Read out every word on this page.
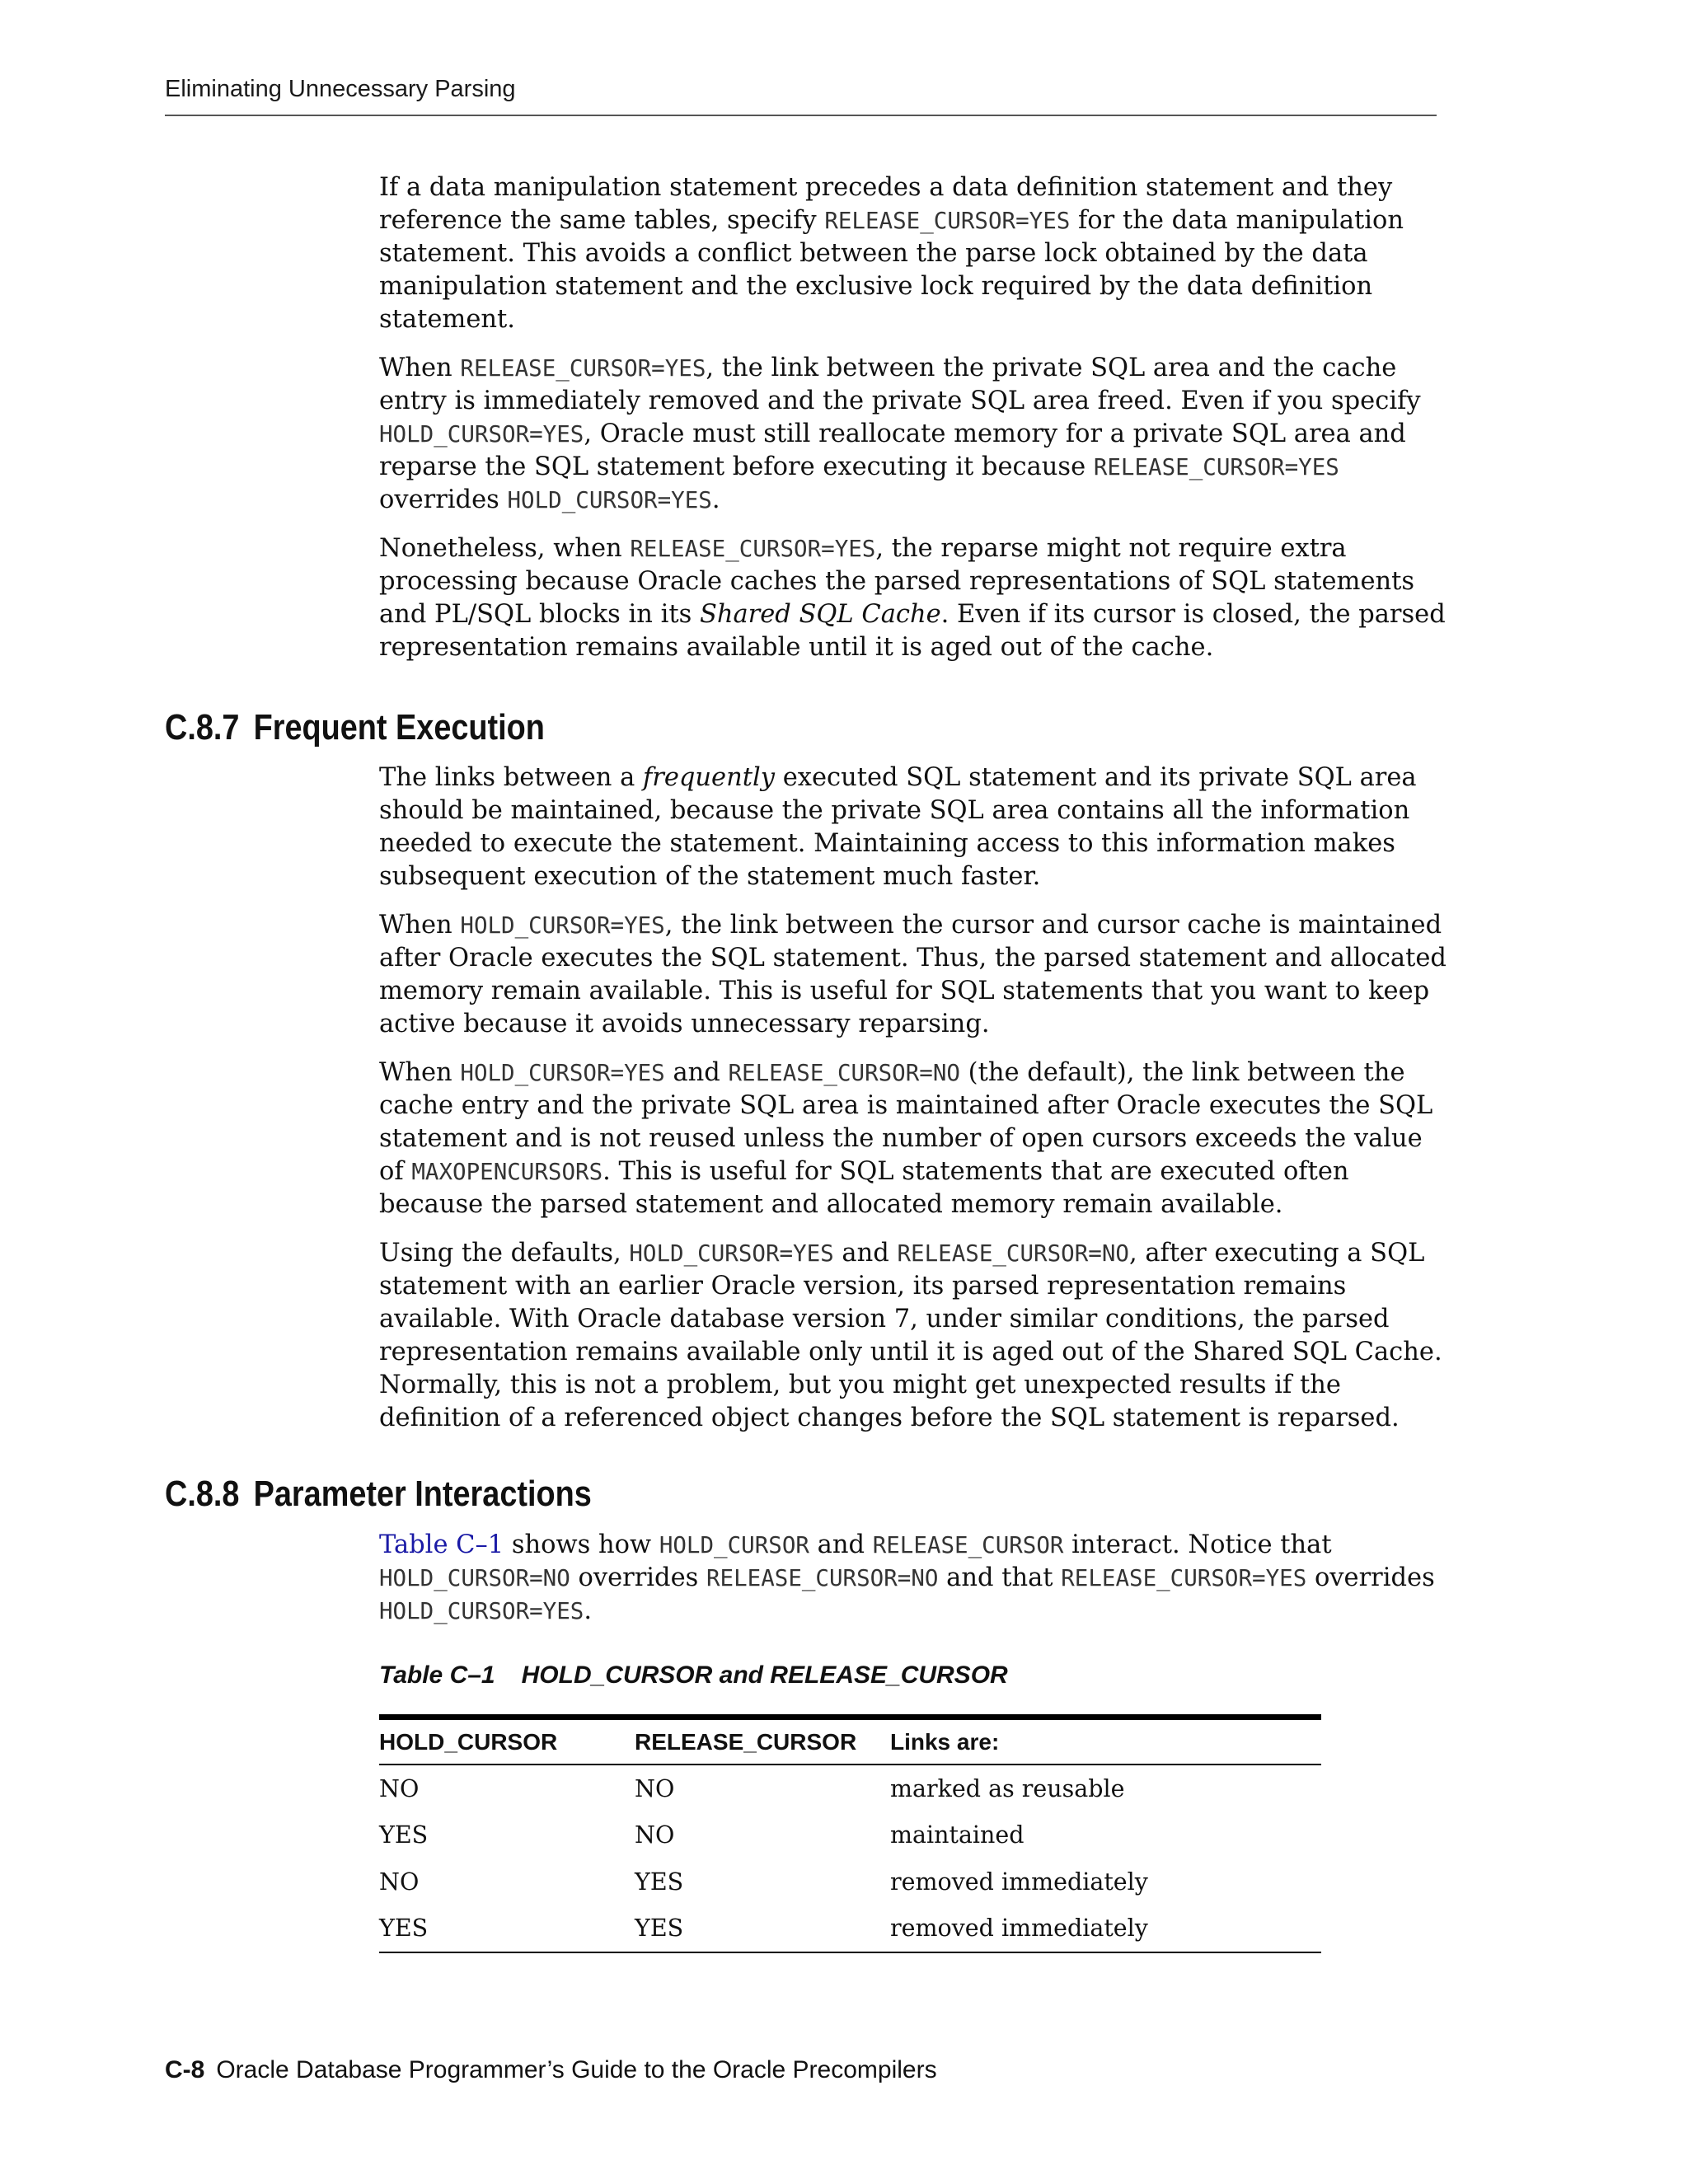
Eliminating Unnecessary Parsing

If a data manipulation statement precedes a data definition statement and they reference the same tables, specify RELEASE_CURSOR=YES for the data manipulation statement. This avoids a conflict between the parse lock obtained by the data manipulation statement and the exclusive lock required by the data definition statement.

When RELEASE_CURSOR=YES, the link between the private SQL area and the cache entry is immediately removed and the private SQL area freed. Even if you specify HOLD_CURSOR=YES, Oracle must still reallocate memory for a private SQL area and reparse the SQL statement before executing it because RELEASE_CURSOR=YES overrides HOLD_CURSOR=YES.

Nonetheless, when RELEASE_CURSOR=YES, the reparse might not require extra processing because Oracle caches the parsed representations of SQL statements and PL/SQL blocks in its Shared SQL Cache. Even if its cursor is closed, the parsed representation remains available until it is aged out of the cache.

C.8.7 Frequent Execution

The links between a frequently executed SQL statement and its private SQL area should be maintained, because the private SQL area contains all the information needed to execute the statement. Maintaining access to this information makes subsequent execution of the statement much faster.

When HOLD_CURSOR=YES, the link between the cursor and cursor cache is maintained after Oracle executes the SQL statement. Thus, the parsed statement and allocated memory remain available. This is useful for SQL statements that you want to keep active because it avoids unnecessary reparsing.

When HOLD_CURSOR=YES and RELEASE_CURSOR=NO (the default), the link between the cache entry and the private SQL area is maintained after Oracle executes the SQL statement and is not reused unless the number of open cursors exceeds the value of MAXOPENCURSORS. This is useful for SQL statements that are executed often because the parsed statement and allocated memory remain available.

Using the defaults, HOLD_CURSOR=YES and RELEASE_CURSOR=NO, after executing a SQL statement with an earlier Oracle version, its parsed representation remains available. With Oracle database version 7, under similar conditions, the parsed representation remains available only until it is aged out of the Shared SQL Cache. Normally, this is not a problem, but you might get unexpected results if the definition of a referenced object changes before the SQL statement is reparsed.

C.8.8 Parameter Interactions

Table C–1 shows how HOLD_CURSOR and RELEASE_CURSOR interact. Notice that HOLD_CURSOR=NO overrides RELEASE_CURSOR=NO and that RELEASE_CURSOR=YES overrides HOLD_CURSOR=YES.

Table C–1 HOLD_CURSOR and RELEASE_CURSOR
HOLD_CURSOR	RELEASE_CURSOR	Links are:
NO	NO	marked as reusable
YES	NO	maintained
NO	YES	removed immediately
YES	YES	removed immediately
C-8 Oracle Database Programmer’s Guide to the Oracle Precompilers
